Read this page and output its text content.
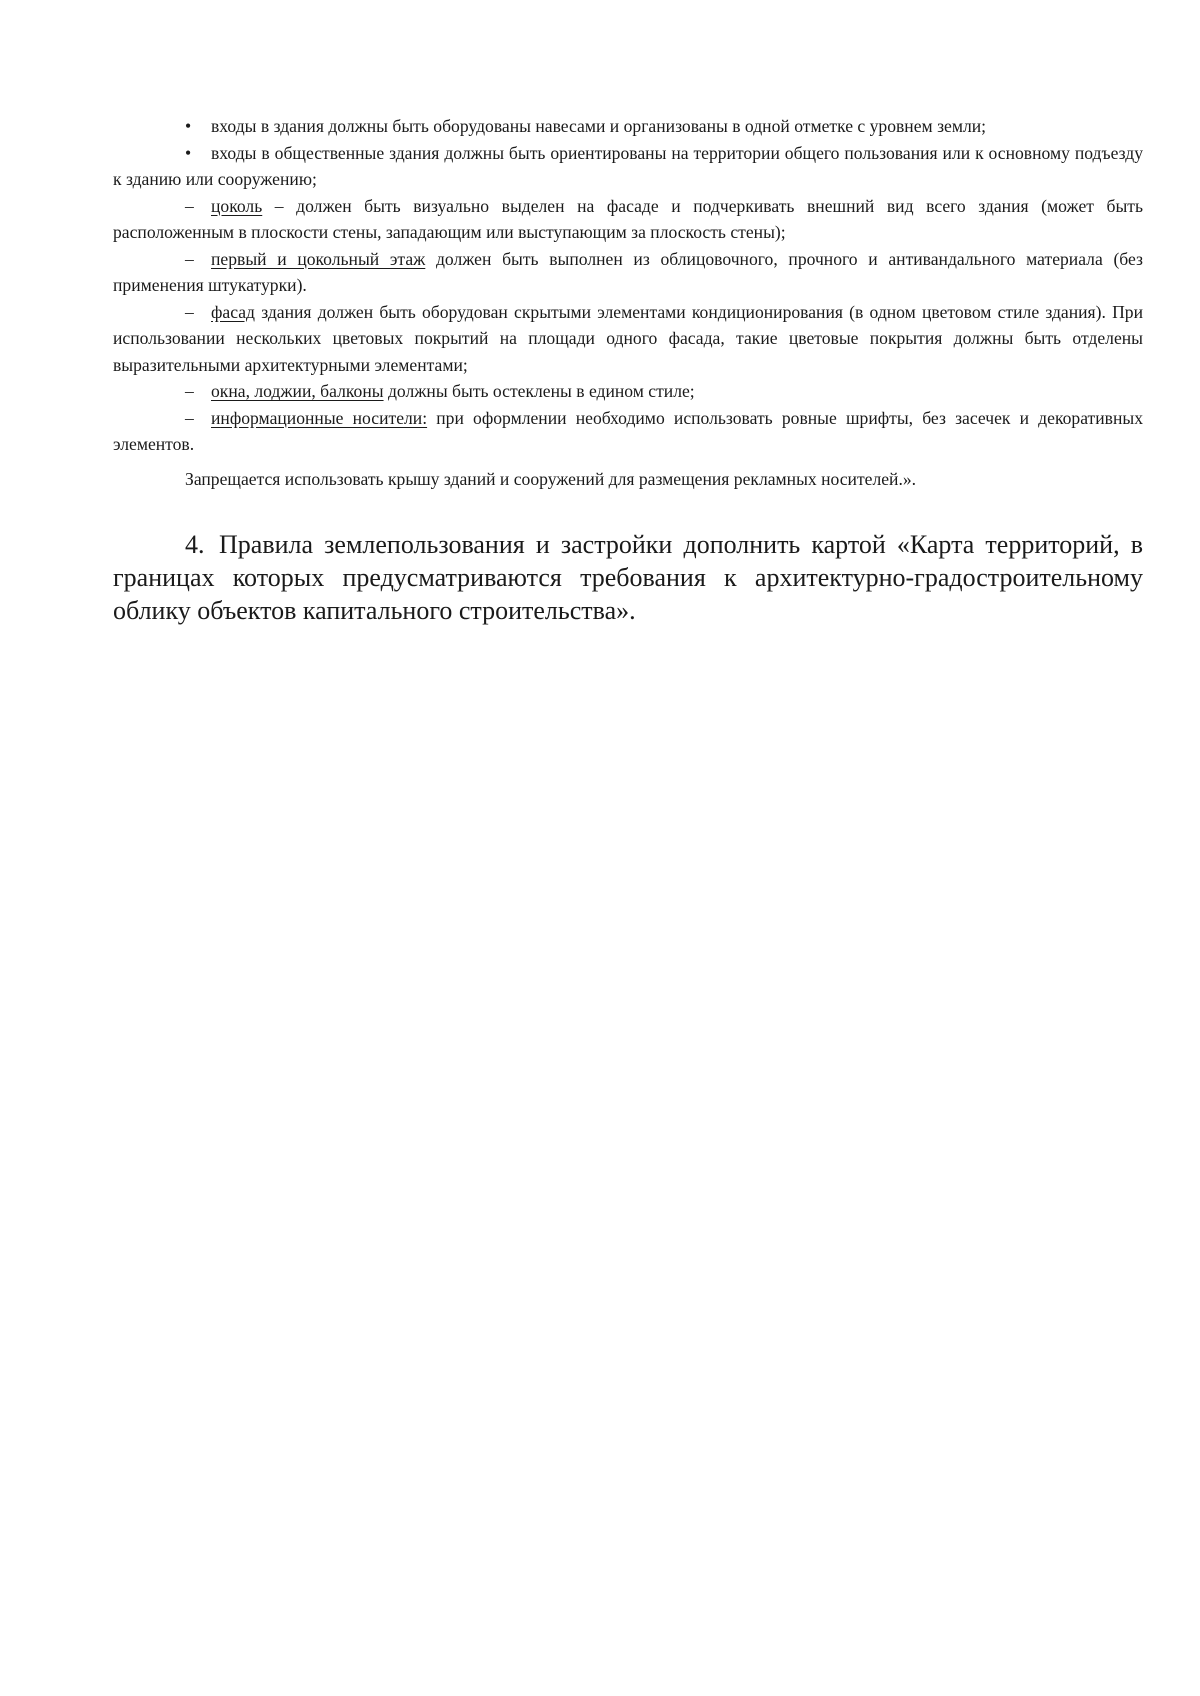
• входы в здания должны быть оборудованы навесами и организованы в одной отметке с уровнем земли;

• входы в общественные здания должны быть ориентированы на территории общего пользования или к основному подъезду к зданию или сооружению;

– цоколь – должен быть визуально выделен на фасаде и подчеркивать внешний вид всего здания (может быть расположенным в плоскости стены, западающим или выступающим за плоскость стены);

– первый и цокольный этаж должен быть выполнен из облицовочного, прочного и антивандального материала (без применения штукатурки).

– фасад здания должен быть оборудован скрытыми элементами кондиционирования (в одном цветовом стиле здания). При использовании нескольких цветовых покрытий на площади одного фасада, такие цветовые покрытия должны быть отделены выразительными архитектурными элементами;

– окна, лоджии, балконы должны быть остеклены в едином стиле;

– информационные носители: при оформлении необходимо использовать ровные шрифты, без засечек и декоративных элементов.

Запрещается использовать крышу зданий и сооружений для размещения рекламных носителей.».

4. Правила землепользования и застройки дополнить картой «Карта территорий, в границах которых предусматриваются требования к архитектурно-градостроительному облику объектов капитального строительства».
